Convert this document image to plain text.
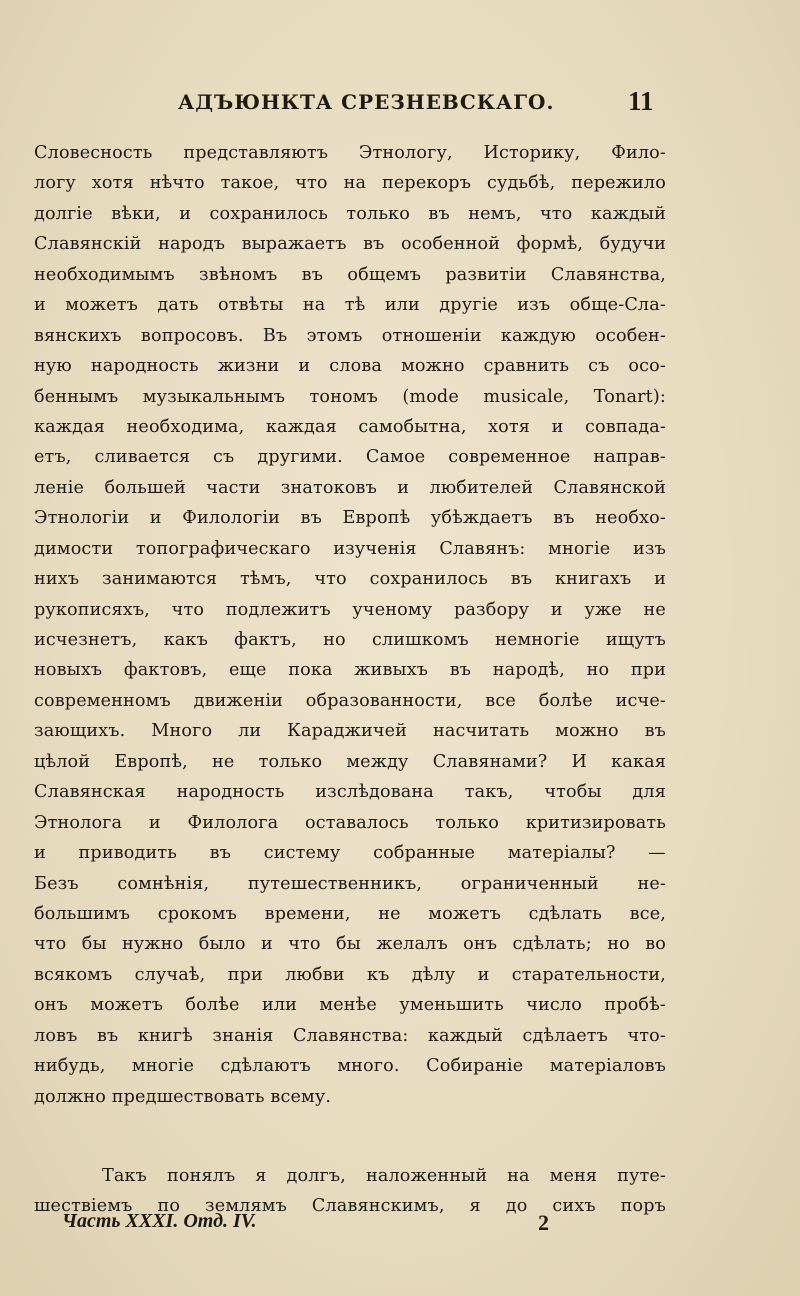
АДЪЮНКТА СРЕЗНЕВСКАГО.	11
Словесность представляютъ Этнологу, Историку, Фило-
логу хотя нѣчто такое, что на перекоръ судьбѣ, пережило
долгіе вѣки, и сохранилось только въ немъ, что каждый
Славянскій народъ выражаетъ въ особенной формѣ, будучи
необходимымъ звѣномъ въ общемъ развитіи Славянства,
и можетъ дать отвѣты на тѣ или другіе изъ обще-Сла-
вянскихъ вопросовъ. Въ этомъ отношеніи каждую особен-
ную народность жизни и слова можно сравнить съ осо-
беннымъ музыкальнымъ тономъ (mode musicale, Tonart):
каждая необходима, каждая самобытна, хотя и совпада-
етъ, сливается съ другими. Самое современное направ-
леніе большей части знатоковъ и любителей Славянской
Этнологіи и Филологіи въ Европѣ убѣждаетъ въ необхо-
димости топографическаго изученія Славянъ: многіе изъ
нихъ занимаются тѣмъ, что сохранилось въ книгахъ и
рукописяхъ, что подлежитъ ученому разбору и уже не
исчезнетъ, какъ фактъ, но слишкомъ немногіе ищутъ
новыхъ фактовъ, еще пока живыхъ въ народѣ, но при
современномъ движеніи образованности, все болѣе исче-
зающихъ. Много ли Караджичей насчитать можно въ
цѣлой Европѣ, не только между Славянами? И какая
Славянская народность изслѣдована такъ, чтобы для
Этнолога и Филолога оставалось только критизировать
и приводить въ систему собранные матеріалы? —
Безъ сомнѣнія, путешественникъ, ограниченный не-
большимъ срокомъ времени, не можетъ сдѣлать все,
что бы нужно было и что бы желалъ онъ сдѣлать; но во
всякомъ случаѣ, при любви къ дѣлу и старательности,
онъ можетъ болѣе или менѣе уменьшить число пробѣ-
ловъ въ книгѣ знанія Славянства: каждый сдѣлаетъ что-
нибудь, многіе сдѣлаютъ много. Собираніе матеріаловъ
должно предшествовать всему.
Такъ понялъ я долгъ, наложенный на меня путе-
шествіемъ по землямъ Славянскимъ, я до сихъ поръ
Часть XXXI. Отд. IV.	2
